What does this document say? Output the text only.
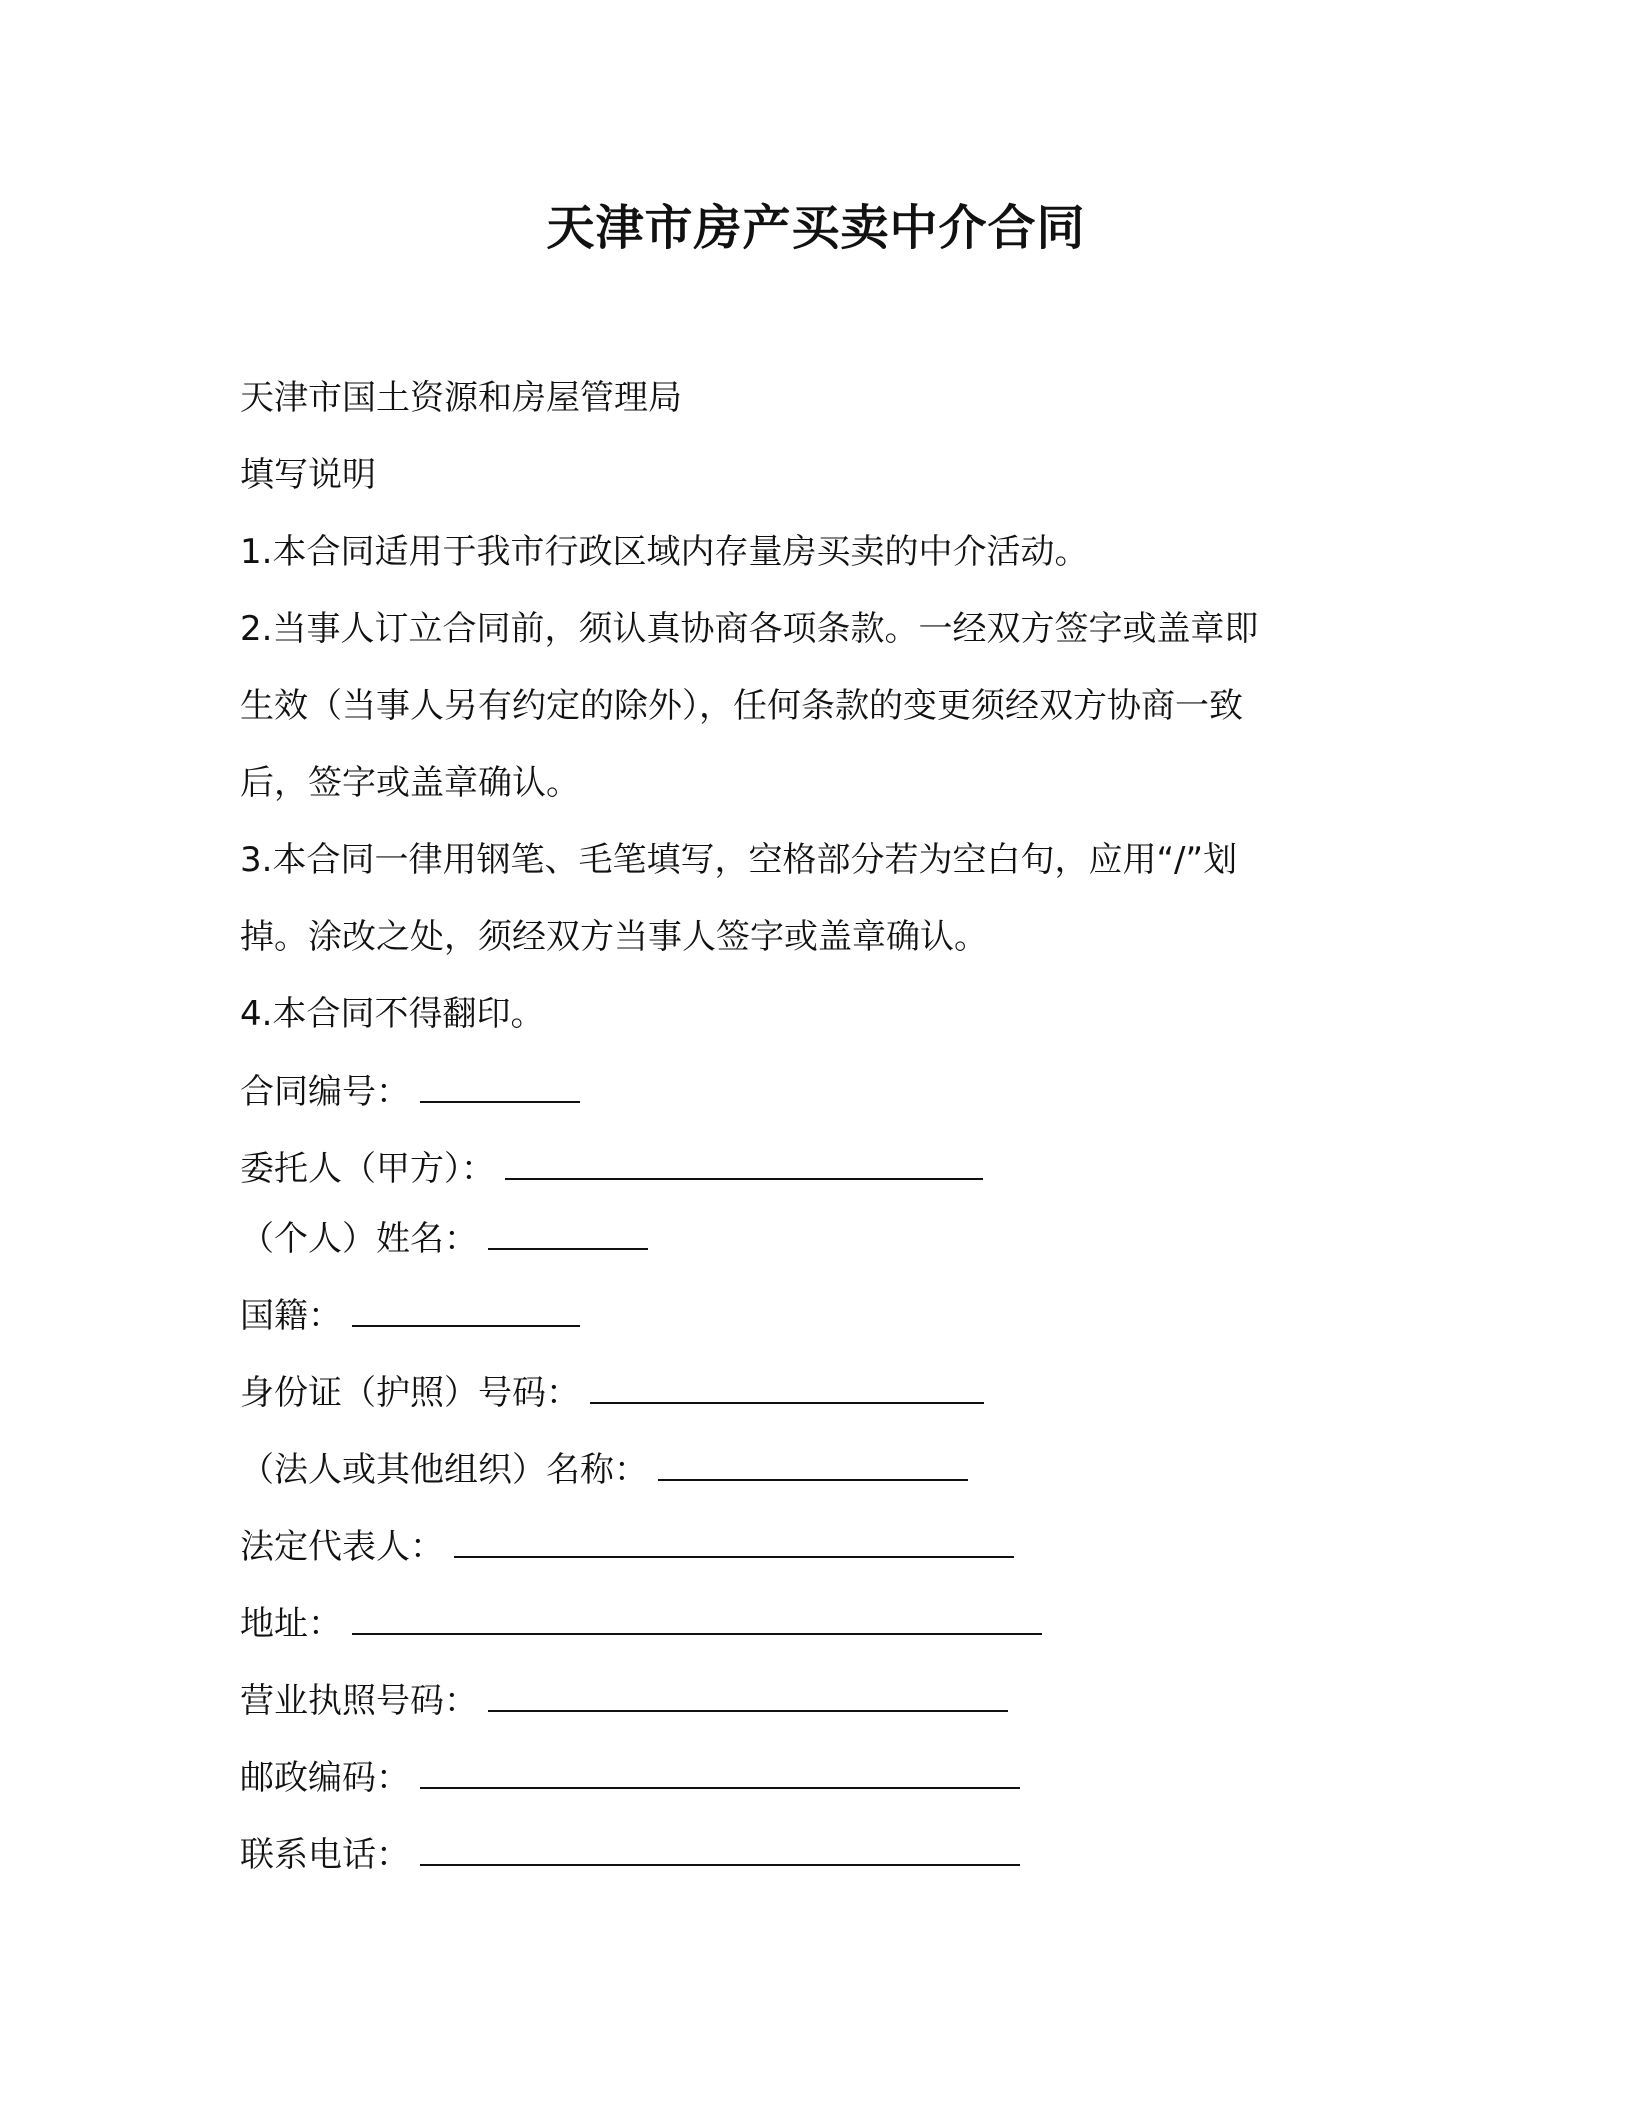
天津市房产买卖中介合同
天津市国土资源和房屋管理局
填写说明
1.本合同适用于我市行政区域内存量房买卖的中介活动。
2.当事人订立合同前，须认真协商各项条款。一经双方签字或盖章即
生效（当事人另有约定的除外），任何条款的变更须经双方协商一致
后，签字或盖章确认。
3.本合同一律用钢笔、毛笔填写，空格部分若为空白句，应用“/”划
掉。涂改之处，须经双方当事人签字或盖章确认。
4.本合同不得翻印。
合同编号：
委托人（甲方）：
（个人）姓名：
国籍：
身份证（护照）号码：
（法人或其他组织）名称：
法定代表人：
地址：
营业执照号码：
邮政编码：
联系电话：
